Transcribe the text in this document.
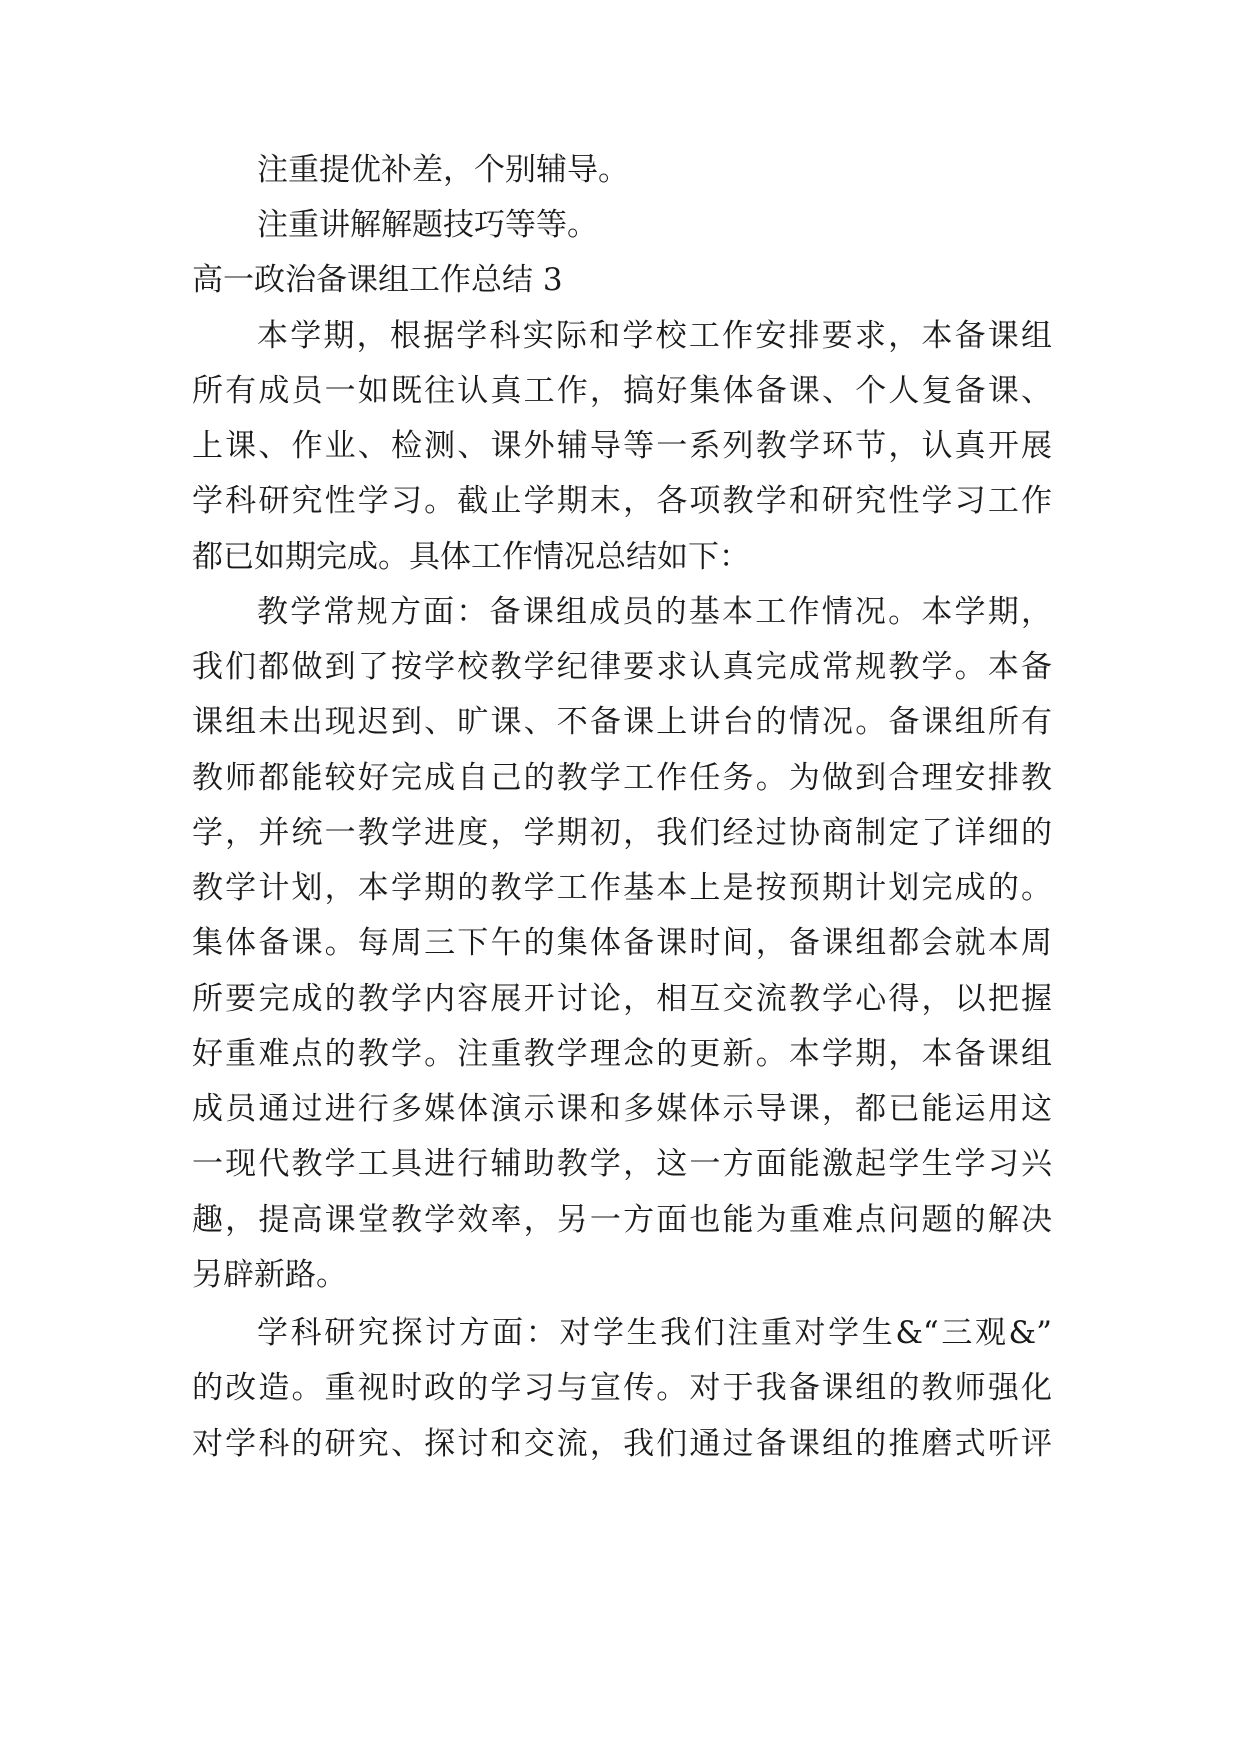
注重提优补差，个别辅导。
注重讲解解题技巧等等。
高一政治备课组工作总结 3
本学期，根据学科实际和学校工作安排要求，本备课组
所有成员一如既往认真工作，搞好集体备课、个人复备课、
上课、作业、检测、课外辅导等一系列教学环节，认真开展
学科研究性学习。截止学期末，各项教学和研究性学习工作
都已如期完成。具体工作情况总结如下：
教学常规方面：备课组成员的基本工作情况。本学期，
我们都做到了按学校教学纪律要求认真完成常规教学。本备
课组未出现迟到、旷课、不备课上讲台的情况。备课组所有
教师都能较好完成自己的教学工作任务。为做到合理安排教
学，并统一教学进度，学期初，我们经过协商制定了详细的
教学计划，本学期的教学工作基本上是按预期计划完成的。
集体备课。每周三下午的集体备课时间，备课组都会就本周
所要完成的教学内容展开讨论，相互交流教学心得，以把握
好重难点的教学。注重教学理念的更新。本学期，本备课组
成员通过进行多媒体演示课和多媒体示导课，都已能运用这
一现代教学工具进行辅助教学，这一方面能激起学生学习兴
趣，提高课堂教学效率，另一方面也能为重难点问题的解决
另辟新路。
学科研究探讨方面：对学生我们注重对学生&“三观&”
的改造。重视时政的学习与宣传。对于我备课组的教师强化
对学科的研究、探讨和交流，我们通过备课组的推磨式听评
